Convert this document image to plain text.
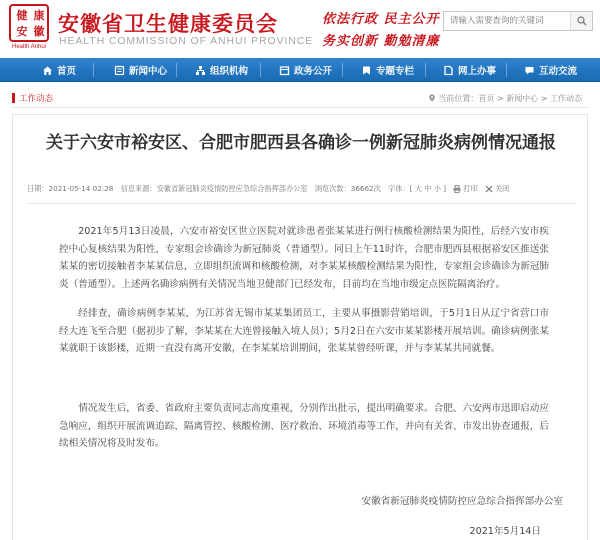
健 康
安 徽
Health Anhui
安徽省卫生健康委员会
HEALTH COMMISSION OF ANHUI PROVINCE
依法行政 民主公开
务实创新 勤勉清廉
请输入需要查询的关键词
首页	新闻中心	组织机构	政务公开	专题专栏	网上办事	互动交流
工作动态	当前位置：首页 > 新闻中心 > 工作动态
关于六安市裕安区、合肥市肥西县各确诊一例新冠肺炎病例情况通报
日期：2021-05-14 02:28 信息来源：安徽省新冠肺炎疫情防控应急综合指挥部办公室 浏览次数：36662次 字体：[ 大 中 小 ] 打印 关闭

2021年5月13日凌晨，六安市裕安区世立医院对就诊患者张某某进行例行核酸检测结果为阳性，后经六安市疾控中心复核结果为阳性，专家组会诊确诊为新冠肺炎（普通型）。同日上午11时许，合肥市肥西县根据裕安区推送张某某的密切接触者李某某信息，立即组织流调和核酸检测，对李某某核酸检测结果为阳性，专家组会诊确诊为新冠肺炎（普通型）。上述两名确诊病例有关情况当地卫健部门已经发布，目前均在当地市级定点医院隔离治疗。

经排查，确诊病例李某某，为江苏省无锡市某某集团员工，主要从事摄影营销培训，于5月1日从辽宁省营口市经大连飞至合肥（据初步了解，李某某在大连曾接触入境人员）；5月2日在六安市某某影楼开展培训。确诊病例张某某就职于该影楼，近期一直没有离开安徽，在李某某培训期间，张某某曾经听课，并与李某某共同就餐。

情况发生后，省委、省政府主要负责同志高度重视，分别作出批示，提出明确要求。合肥、六安两市迅即启动应急响应，组织开展流调追踪、隔离管控、核酸检测、医疗救治、环境消毒等工作，并向有关省、市发出协查通报，后续相关情况将及时发布。

安徽省新冠肺炎疫情防控应急综合指挥部办公室
2021年5月14日
